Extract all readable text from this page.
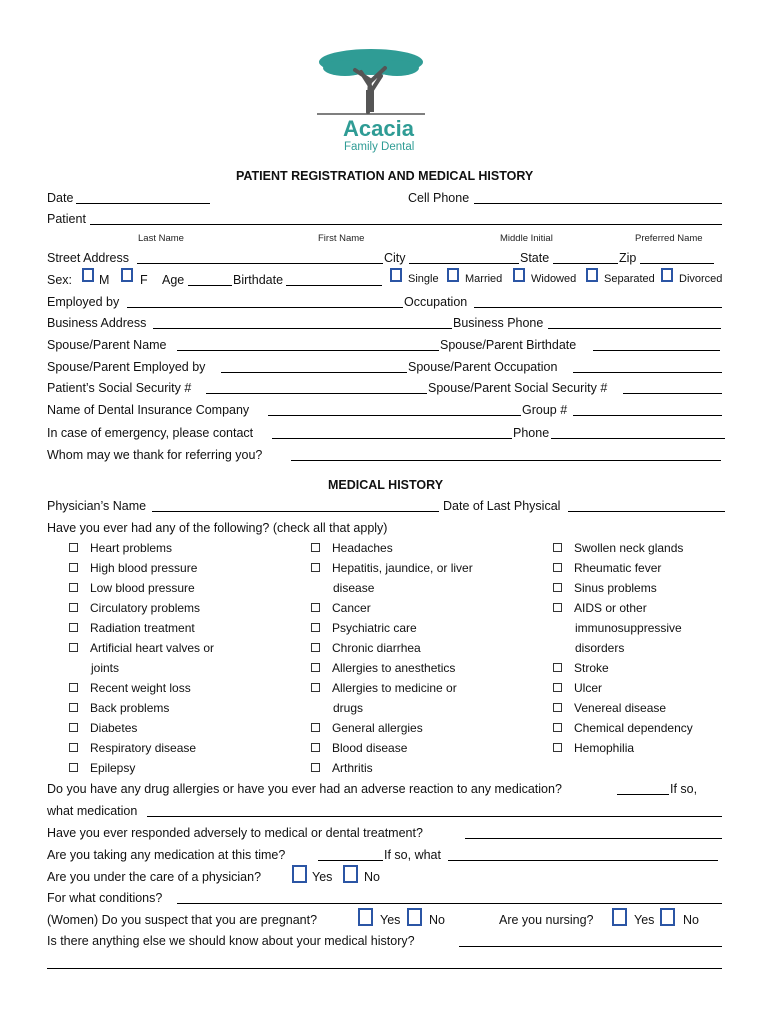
Acacia
Family Dental
PATIENT REGISTRATION AND MEDICAL HISTORY
Date	Cell Phone
Patient
Last Name	First Name	Middle Initial	Preferred Name
Street Address	City	State	Zip
Sex: M F Age	Birthdate	Single Married	Widowed	Separated Divorced
Employed by	Occupation
Business Address	Business Phone
Spouse/Parent Name	Spouse/Parent Birthdate
Spouse/Parent Employed by	Spouse/Parent Occupation
Patient’s Social Security #	Spouse/Parent Social Security #
Name of Dental Insurance Company	Group #
In case of emergency, please contact	Phone
Whom may we thank for referring you?
MEDICAL HISTORY
Physician’s Name	Date of Last Physical
Have you ever had any of the following? (check all that apply)
Heart problems
High blood pressure
Low blood pressure
Circulatory problems
Radiation treatment
Artificial heart valves or
joints
Recent weight loss
Back problems
Diabetes
Respiratory disease
Epilepsy
Headaches
Hepatitis, jaundice, or liver
disease
Cancer
Psychiatric care
Chronic diarrhea
Allergies to anesthetics
Allergies to medicine or
drugs
General allergies
Blood disease
Arthritis
Swollen neck glands
Rheumatic fever
Sinus problems
AIDS or other
immunosuppressive
disorders
Stroke
Ulcer
Venereal disease
Chemical dependency
Hemophilia
Do you have any drug allergies or have you ever had an adverse reaction to any medication?	If so,
what medication
Have you ever responded adversely to medical or dental treatment?
Are you taking any medication at this time?	If so, what
Are you under the care of a physician?	Yes	No
For what conditions?
(Women) Do you suspect that you are pregnant?	Yes No	Are you nursing?	Yes No
Is there anything else we should know about your medical history?
